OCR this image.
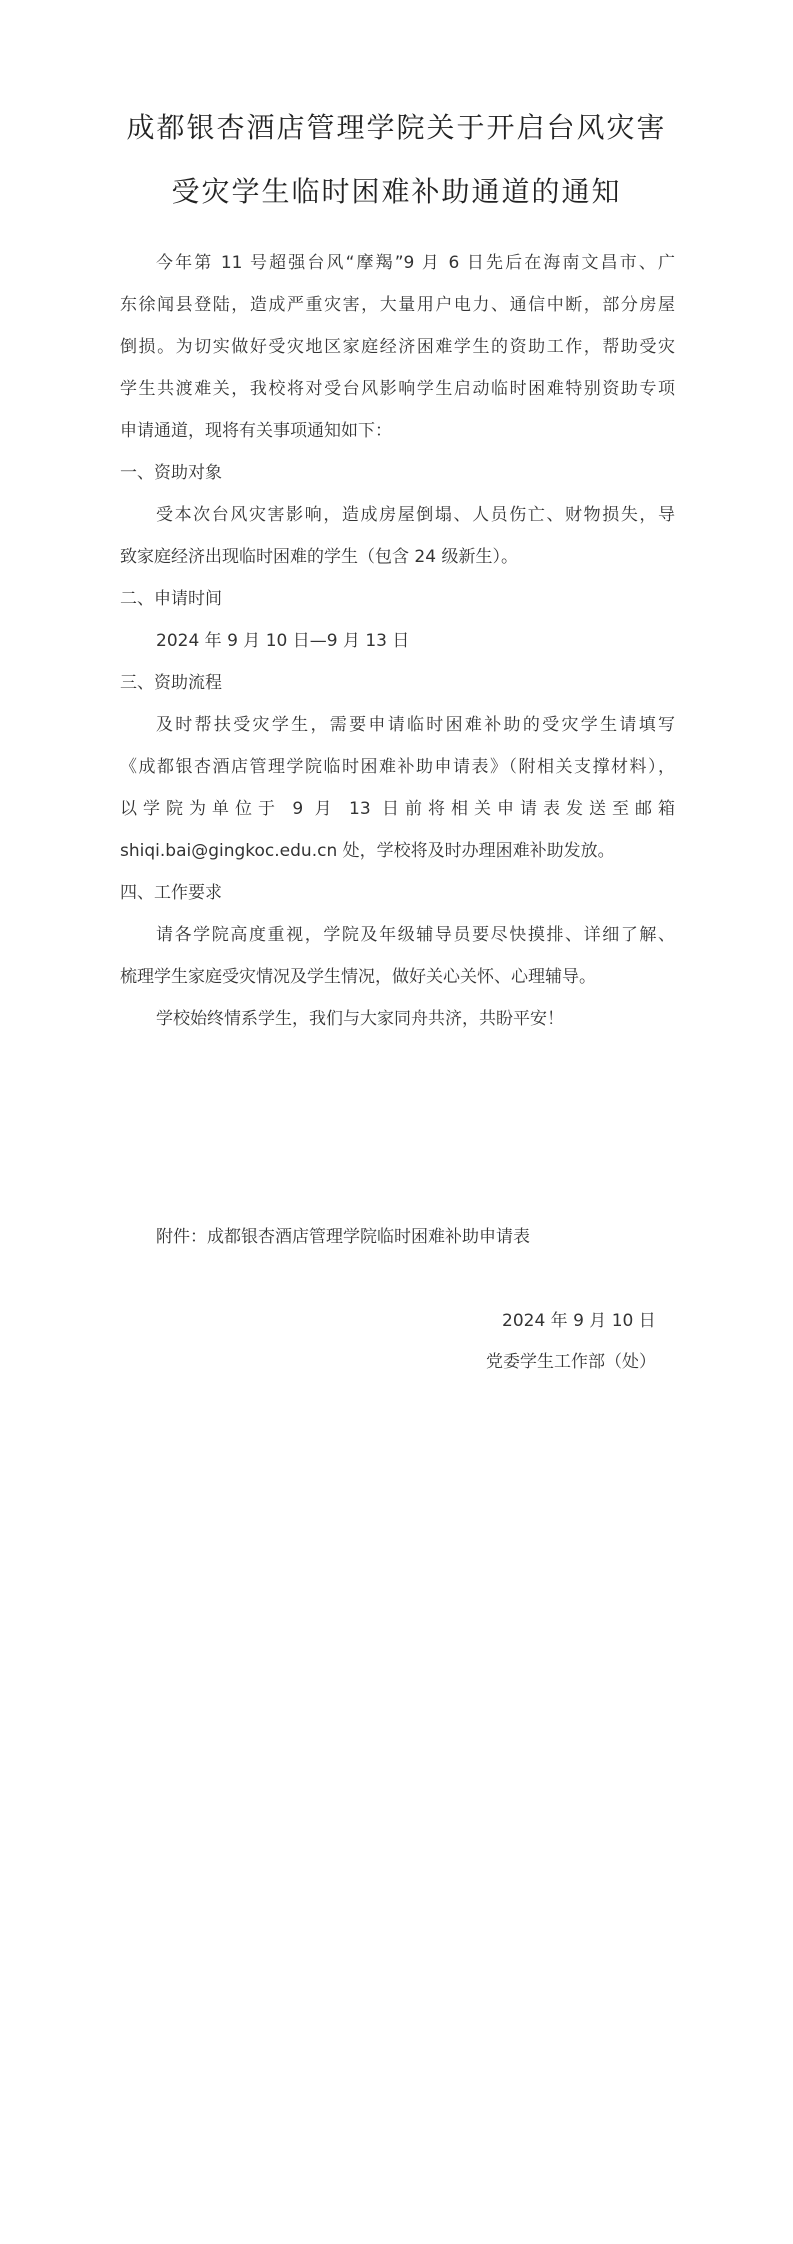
成都银杏酒店管理学院关于开启台风灾害
受灾学生临时困难补助通道的通知
今年第 11 号超强台风“摩羯”9 月 6 日先后在海南文昌市、广
东徐闻县登陆，造成严重灾害，大量用户电力、通信中断，部分房屋
倒损。为切实做好受灾地区家庭经济困难学生的资助工作，帮助受灾
学生共渡难关，我校将对受台风影响学生启动临时困难特别资助专项
申请通道，现将有关事项通知如下：
一、资助对象
受本次台风灾害影响，造成房屋倒塌、人员伤亡、财物损失，导
致家庭经济出现临时困难的学生（包含 24 级新生）。
二、申请时间
2024 年 9 月 10 日—9 月 13 日
三、资助流程
及时帮扶受灾学生，需要申请临时困难补助的受灾学生请填写
《成都银杏酒店管理学院临时困难补助申请表》（附相关支撑材料），
以学院为单位于 9 月 13 日前将相关申请表发送至邮箱
shiqi.bai@gingkoc.edu.cn 处，学校将及时办理困难补助发放。
四、工作要求
请各学院高度重视，学院及年级辅导员要尽快摸排、详细了解、
梳理学生家庭受灾情况及学生情况，做好关心关怀、心理辅导。
学校始终情系学生，我们与大家同舟共济，共盼平安！
附件：成都银杏酒店管理学院临时困难补助申请表
2024 年 9 月 10 日
党委学生工作部（处）
